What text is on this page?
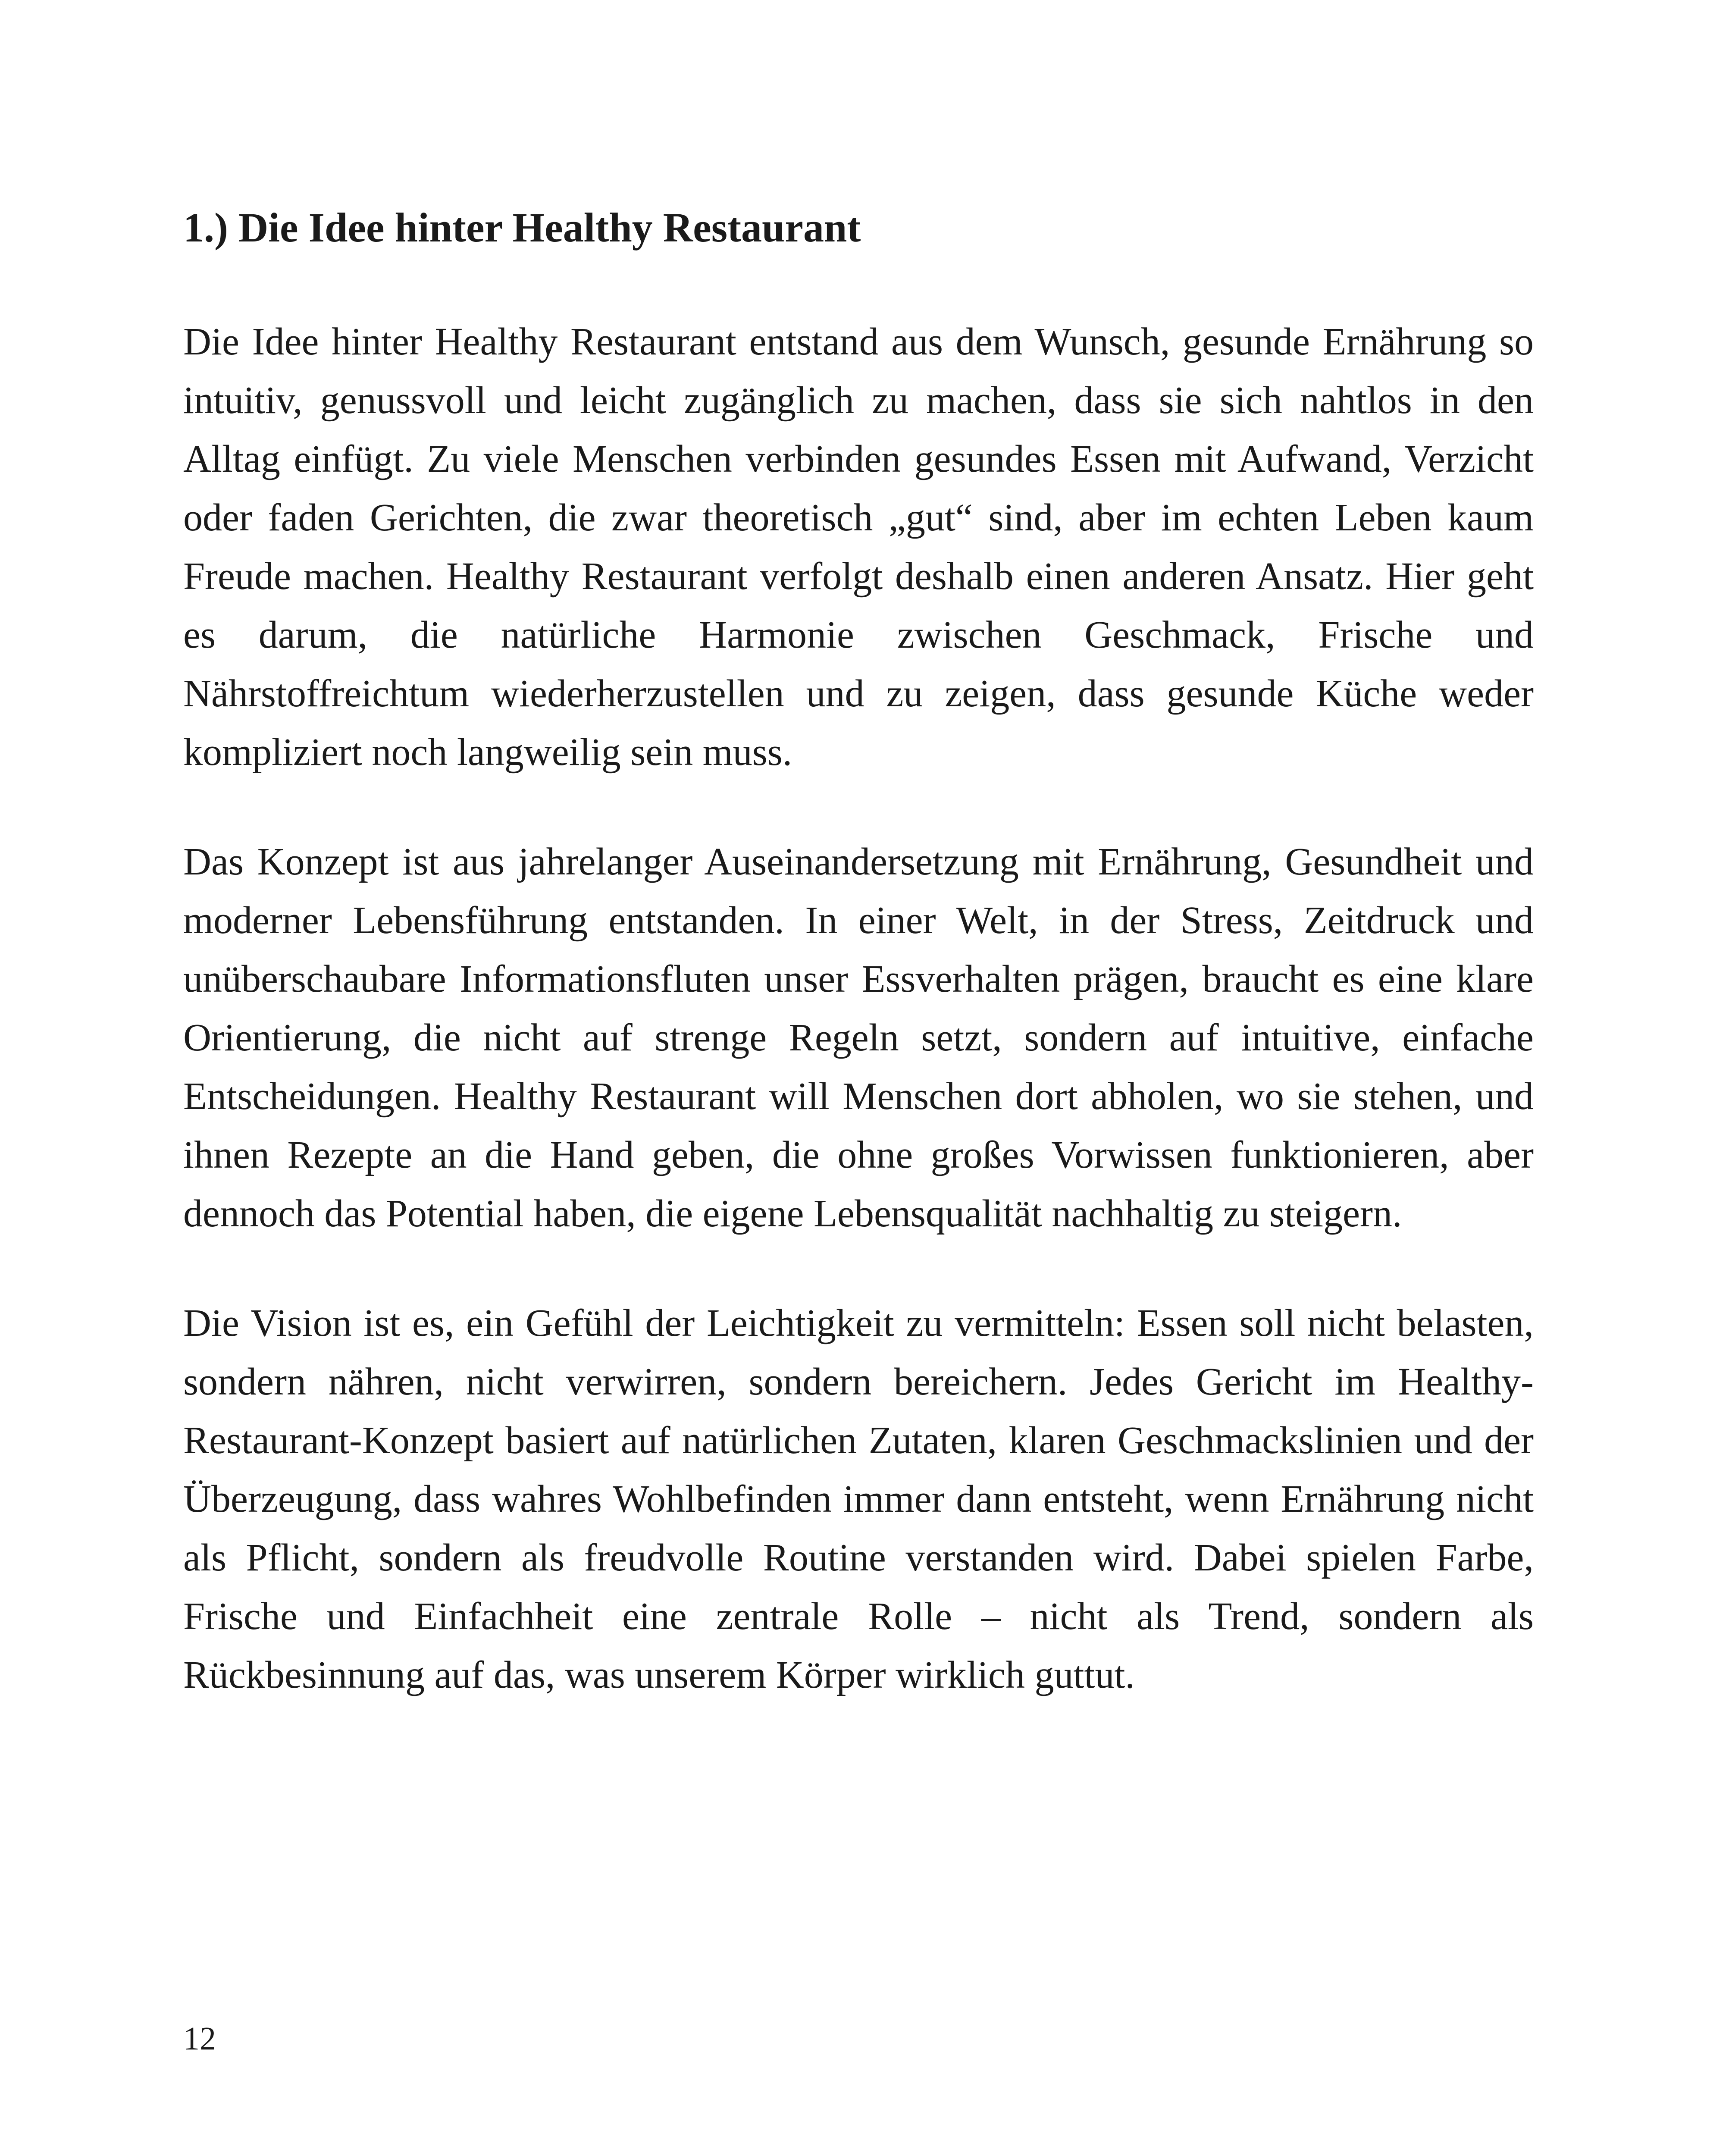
1.) Die Idee hinter Healthy Restaurant

Die Idee hinter Healthy Restaurant entstand aus dem Wunsch, gesunde Ernährung so intuitiv, genussvoll und leicht zugänglich zu machen, dass sie sich nahtlos in den Alltag einfügt. Zu viele Menschen verbinden gesundes Essen mit Aufwand, Verzicht oder faden Gerichten, die zwar theoretisch „gut“ sind, aber im echten Leben kaum Freude machen. Healthy Restaurant verfolgt deshalb einen anderen Ansatz. Hier geht es darum, die natürliche Harmonie zwischen Geschmack, Frische und Nährstoffreichtum wiederherzustellen und zu zeigen, dass gesunde Küche weder kompliziert noch langweilig sein muss.

Das Konzept ist aus jahrelanger Auseinandersetzung mit Ernährung, Gesundheit und moderner Lebensführung entstanden. In einer Welt, in der Stress, Zeitdruck und unüberschaubare Informationsfluten unser Essverhalten prägen, braucht es eine klare Orientierung, die nicht auf strenge Regeln setzt, sondern auf intuitive, einfache Entscheidungen. Healthy Restaurant will Menschen dort abholen, wo sie stehen, und ihnen Rezepte an die Hand geben, die ohne großes Vorwissen funktionieren, aber dennoch das Potential haben, die eigene Lebensqualität nachhaltig zu steigern.

Die Vision ist es, ein Gefühl der Leichtigkeit zu vermitteln: Essen soll nicht belasten, sondern nähren, nicht verwirren, sondern bereichern. Jedes Gericht im Healthy-Restaurant-Konzept basiert auf natürlichen Zutaten, klaren Geschmackslinien und der Überzeugung, dass wahres Wohlbefinden immer dann entsteht, wenn Ernährung nicht als Pflicht, sondern als freudvolle Routine verstanden wird. Dabei spielen Farbe, Frische und Einfachheit eine zentrale Rolle – nicht als Trend, sondern als Rückbesinnung auf das, was unserem Körper wirklich guttut.

12
